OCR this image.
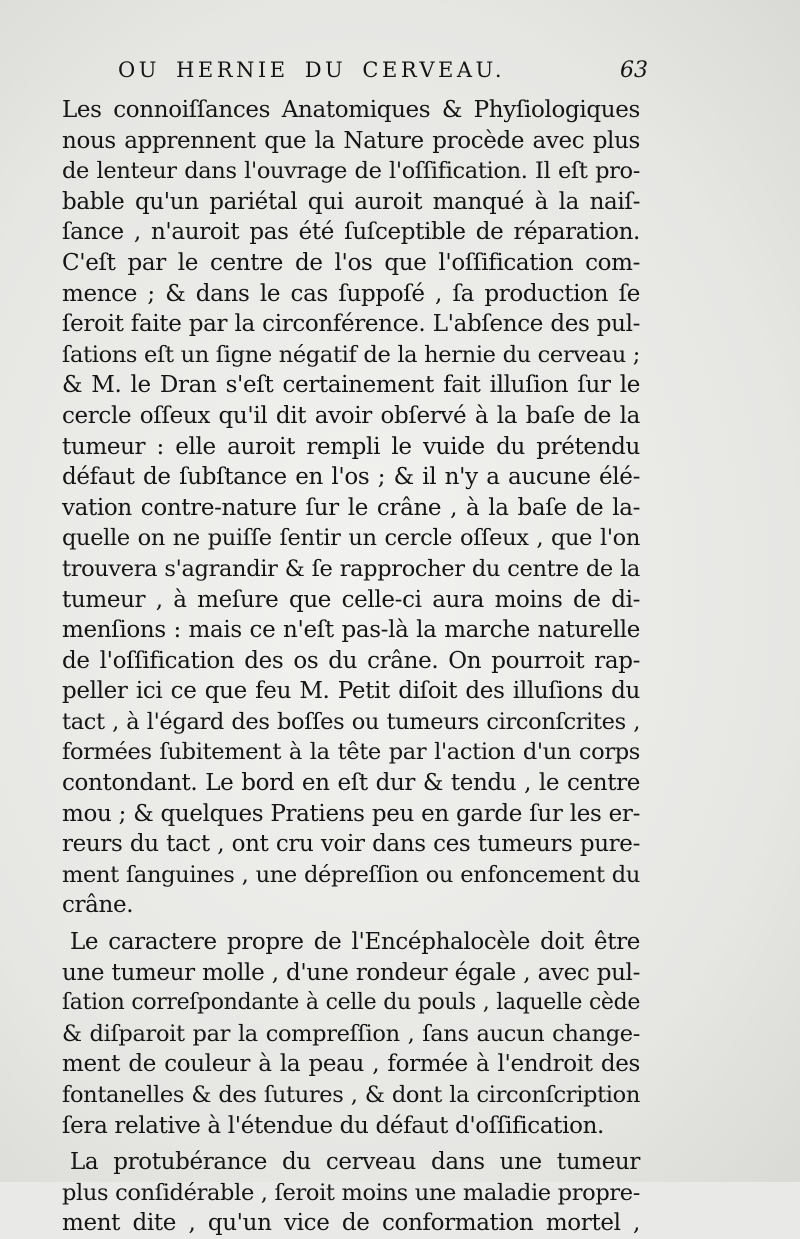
OU HERNIE DU CERVEAU.	63
Les connoiſſances Anatomiques & Phyſiologiques
nous apprennent que la Nature procède avec plus
de lenteur dans l'ouvrage de l'oſſification. Il eſt pro-
bable qu'un pariétal qui auroit manqué à la naiſ-
ſance , n'auroit pas été ſuſceptible de réparation.
C'eſt par le centre de l'os que l'oſſification com-
mence ; & dans le cas ſuppoſé , ſa production ſe
ſeroit faite par la circonférence. L'abſence des pul-
ſations eſt un ſigne négatif de la hernie du cerveau ;
& M. le Dran s'eſt certainement fait illuſion ſur le
cercle oſſeux qu'il dit avoir obſervé à la baſe de la
tumeur : elle auroit rempli le vuide du prétendu
défaut de ſubſtance en l'os ; & il n'y a aucune élé-
vation contre-nature ſur le crâne , à la baſe de la-
quelle on ne puiſſe ſentir un cercle oſſeux , que l'on
trouvera s'agrandir & ſe rapprocher du centre de la
tumeur , à meſure que celle-ci aura moins de di-
menſions : mais ce n'eſt pas-là la marche naturelle
de l'oſſification des os du crâne. On pourroit rap-
peller ici ce que feu M. Petit diſoit des illuſions du
tact , à l'égard des boſſes ou tumeurs circonſcrites ,
formées ſubitement à la tête par l'action d'un corps
contondant. Le bord en eſt dur & tendu , le centre
mou ; & quelques Pratiens peu en garde ſur les er-
reurs du tact , ont cru voir dans ces tumeurs pure-
ment ſanguines , une dépreſſion ou enfoncement du
crâne.
Le caractere propre de l'Encéphalocèle doit être
une tumeur molle , d'une rondeur égale , avec pul-
ſation correſpondante à celle du pouls , laquelle cède
& diſparoit par la compreſſion , ſans aucun change-
ment de couleur à la peau , formée à l'endroit des
fontanelles & des ſutures , & dont la circonſcription
ſera relative à l'étendue du défaut d'oſſification.
La protubérance du cerveau dans une tumeur
plus conſidérable , ſeroit moins une maladie propre-
ment dite , qu'un vice de conformation mortel ,
